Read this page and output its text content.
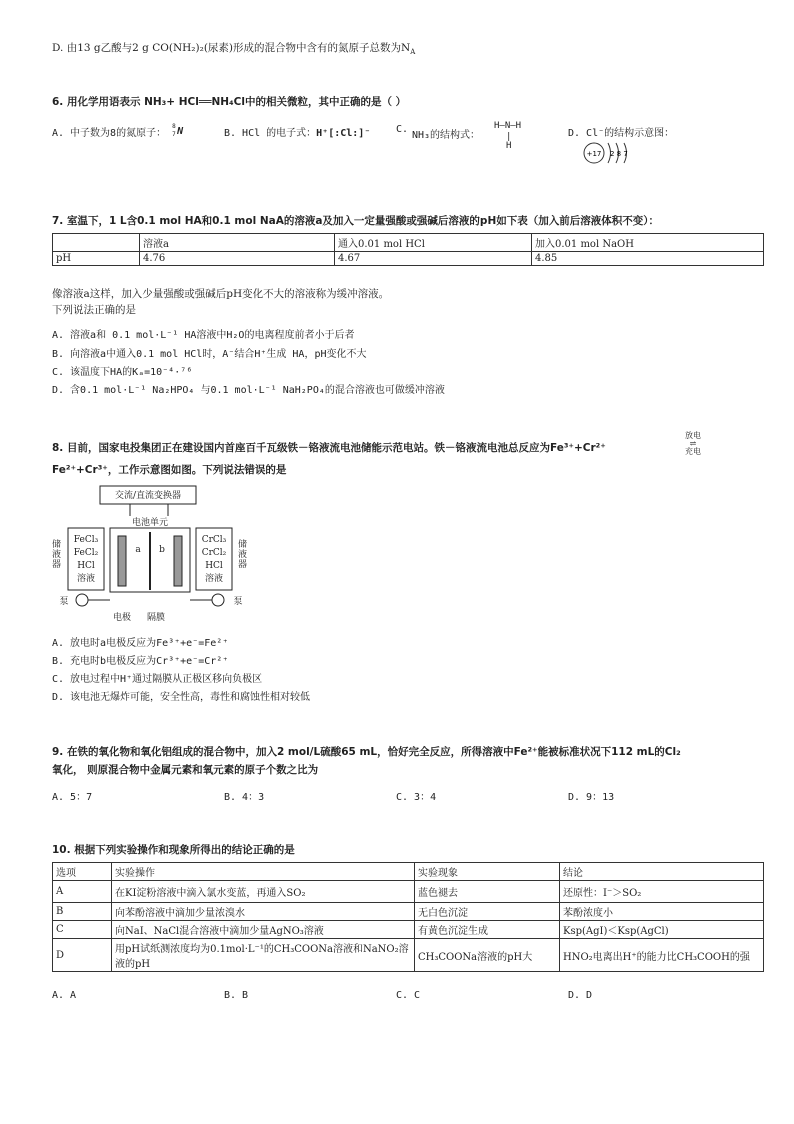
D. 由13 g乙酸与2 g CO(NH₂)₂(尿素)形成的混合物中含有的氮原子总数为$N_A$
6. 用化学用语表示 NH₃+ HCl══NH₄Cl中的相关微粒，其中正确的是（ ）
A. 中子数为8的氮原子：
8
7 N	B. HCl 的电子式：H⁺[:Cl:]⁻	C.
NH₃的结构式：
H—N—H
|
H
D. Cl⁻的结构示意图：
+17 2 8 7
7. 室温下，1 L含0.1 mol HA和0.1 mol NaA的溶液a及加入一定量强酸或强碱后溶液的pH如下表（加入前后溶液体积不变）：
	溶液a	通入0.01 mol HCl	加入0.01 mol NaOH
pH	4.76	4.67	4.85
像溶液a这样，加入少量强酸或强碱后pH变化不大的溶液称为缓冲溶液。
下列说法正确的是
A. 溶液a和 0.1 mol·L⁻¹ HA溶液中H₂O的电离程度前者小于后者
B. 向溶液a中通入0.1 mol HCl时，A⁻结合H⁺生成 HA，pH变化不大
C. 该温度下HA的Kₐ=10⁻⁴·⁷⁶
D. 含0.1 mol·L⁻¹ Na₂HPO₄ 与0.1 mol·L⁻¹ NaH₂PO₄的混合溶液也可做缓冲溶液
8. 目前，国家电投集团正在建设国内首座百千瓦级铁－铬液流电池储能示范电站。铁－铬液流电池总反应为Fe³⁺+Cr²⁺
放电
⇌
充电
Fe²⁺+Cr³⁺，工作示意图如图。下列说法错误的是
交流/直流变换器
电池单元
a b
FeCl₃
FeCl₂
HCl
溶液
CrCl₃
CrCl₂
HCl
溶液
泵	泵
电极 隔膜
储液器
储液器
A. 放电时a电极反应为Fe³⁺+e⁻=Fe²⁺
B. 充电时b电极反应为Cr³⁺+e⁻=Cr²⁺
C. 放电过程中H⁺通过隔膜从正极区移向负极区
D. 该电池无爆炸可能，安全性高，毒性和腐蚀性相对较低
9. 在铁的氧化物和氧化铝组成的混合物中，加入2 mol/L硫酸65 mL，恰好完全反应，所得溶液中Fe²⁺能被标准状况下112 mL的Cl₂
氧化， 则原混合物中金属元素和氧元素的原子个数之比为
A. 5：7	B. 4：3	C. 3：4	D. 9：13
10. 根据下列实验操作和现象所得出的结论正确的是
选项	实验操作	实验现象	结论
A	在KI淀粉溶液中滴入氯水变蓝，再通入SO₂	蓝色褪去	还原性：I⁻＞SO₂
B	向苯酚溶液中滴加少量浓溴水	无白色沉淀	苯酚浓度小
C	向NaI、NaCl混合溶液中滴加少量AgNO₃溶液	有黄色沉淀生成	Ksp(AgI)＜Ksp(AgCl)
D	用pH试纸测浓度均为0.1mol·L⁻¹的CH₃COONa溶液和NaNO₂溶液的pH	CH₃COONa溶液的pH大	HNO₂电离出H⁺的能力比CH₃COOH的强
A. A	B. B	C. C	D. D
